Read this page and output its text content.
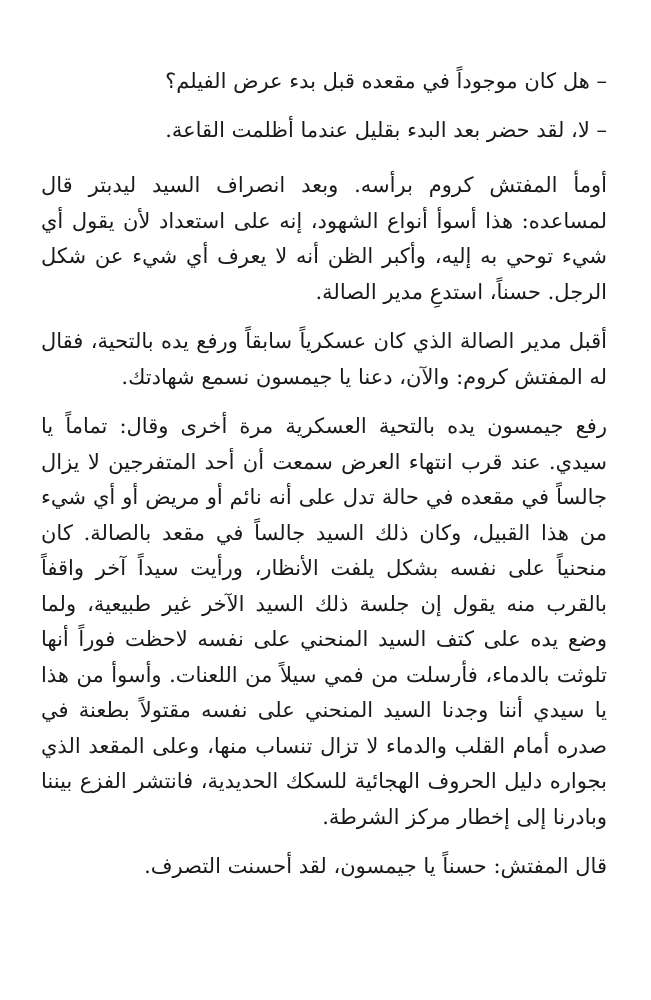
– هل كان موجوداً في مقعده قبل بدء عرض الفيلم؟

– لا، لقد حضر بعد البدء بقليل عندما أظلمت القاعة.

أومأ المفتش كروم برأسه. وبعد انصراف السيد ليدبتر قال لمساعده: هذا أسوأ أنواع الشهود، إنه على استعداد لأن يقول أي شيء توحي به إليه، وأكبر الظن أنه لا يعرف أي شيء عن شكل الرجل. حسناً، استدعِ مدير الصالة.

أقبل مدير الصالة الذي كان عسكرياً سابقاً ورفع يده بالتحية، فقال له المفتش كروم: والآن، دعنا يا جيمسون نسمع شهادتك.

رفع جيمسون يده بالتحية العسكرية مرة أخرى وقال: تماماً يا سيدي. عند قرب انتهاء العرض سمعت أن أحد المتفرجين لا يزال جالساً في مقعده في حالة تدل على أنه نائم أو مريض أو أي شيء من هذا القبيل، وكان ذلك السيد جالساً في مقعد بالصالة. كان منحنياً على نفسه بشكل يلفت الأنظار، ورأيت سيداً آخر واقفاً بالقرب منه يقول إن جلسة ذلك السيد الآخر غير طبيعية، ولما وضع يده على كتف السيد المنحني على نفسه لاحظت فوراً أنها تلوثت بالدماء، فأرسلت من فمي سيلاً من اللعنات. وأسوأ من هذا يا سيدي أننا وجدنا السيد المنحني على نفسه مقتولاً بطعنة في صدره أمام القلب والدماء لا تزال تنساب منها، وعلى المقعد الذي بجواره دليل الحروف الهجائية للسكك الحديدية، فانتشر الفزع بيننا وبادرنا إلى إخطار مركز الشرطة.

قال المفتش: حسناً يا جيمسون، لقد أحسنت التصرف.
